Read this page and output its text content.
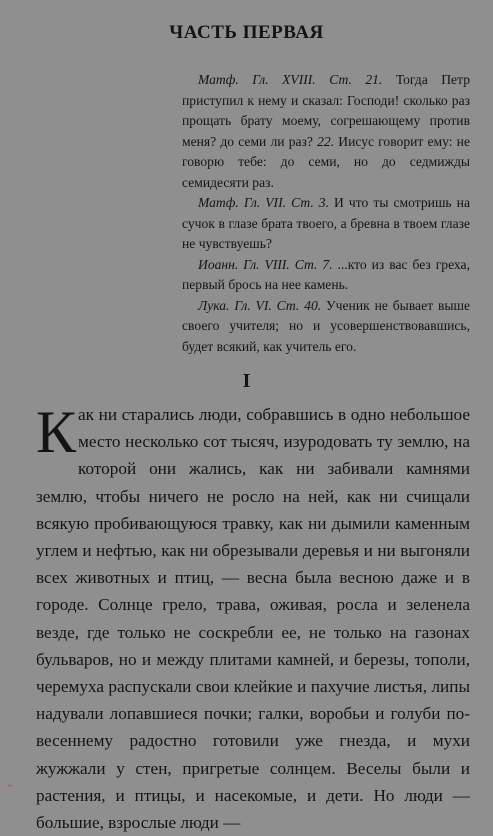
ЧАСТЬ ПЕРВАЯ

Матф. Гл. XVIII. Ст. 21. Тогда Петр приступил к нему и сказал: Господи! сколько раз прощать брату моему, согрешающему против меня? до семи ли раз? 22. Иисус говорит ему: не говорю тебе: до семи, но до седмижды семидесяти раз.

Матф. Гл. VII. Ст. 3. И что ты смотришь на сучок в глазе брата твоего, а бревна в твоем глазе не чувствуешь?

Иоанн. Гл. VIII. Ст. 7. ...кто из вас без греха, первый брось на нее камень.

Лука. Гл. VI. Ст. 40. Ученик не бывает выше своего учителя; но и усовершенствовавшись, будет всякий, как учитель его.

I

Как ни старались люди, собравшись в одно небольшое место несколько сот тысяч, изуродовать ту землю, на которой они жались, как ни забивали камнями землю, чтобы ничего не росло на ней, как ни счищали всякую пробивающуюся травку, как ни дымили каменным углем и нефтью, как ни обрезывали деревья и ни выгоняли всех животных и птиц, — весна была весною даже и в городе. Солнце грело, трава, оживая, росла и зеленела везде, где только не соскребли ее, не только на газонах бульваров, но и между плитами камней, и березы, тополи, черемуха распускали свои клейкие и пахучие листья, липы надували лопавшиеся почки; галки, воробьи и голуби по-весеннему радостно готовили уже гнезда, и мухи жужжали у стен, пригретые солнцем. Веселы были и растения, и птицы, и насекомые, и дети. Но люди — большие, взрослые люди —

^
